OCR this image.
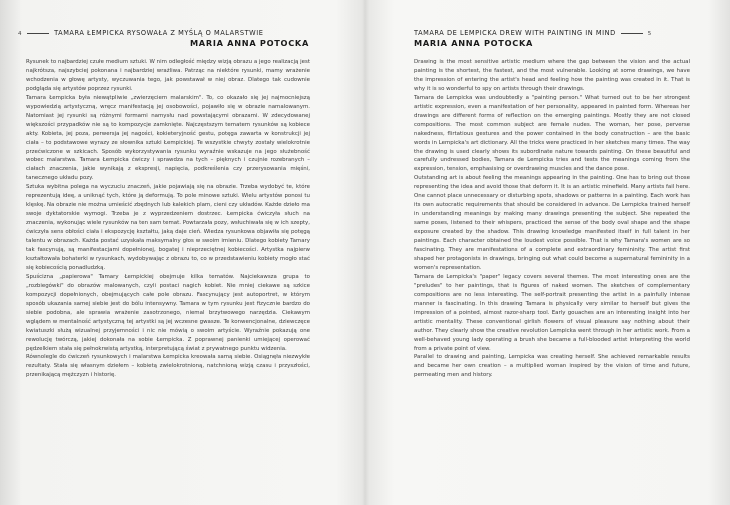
4	TAMARA ŁEMPICKA RYSOWAŁA Z MYŚLĄ O MALARSTWIE
MARIA ANNA POTOCKA

Rysunek to najbardziej czułe medium sztuki. W nim odległość między wizją obrazu a jego realizacją jest najkrótsza, najszybciej pokonana i najbardziej wrażliwa. Patrząc na niektóre rysunki, mamy wrażenie wchodzenia w głowę artysty, wyczuwania tego, jak powstawał w niej obraz. Dlatego tak cudownie podgląda się artystów poprzez rysunki.

Tamara Łempicka była niewątpliwie „zwierzęciem malarskim". To, co okazało się jej najmocniejszą wypowiedzią artystyczną, wręcz manifestacją jej osobowości, pojawiło się w obrazie namalowanym. Natomiast jej rysunki są różnymi formami namysłu nad powstającymi obrazami. W zdecydowanej większości przypadków nie są to kompozycje zamknięte. Najczęstszym tematem rysunków są kobiece akty. Kobieta, jej poza, perwersja jej nagości, kokieteryjność gestu, potęga zawarta w konstrukcji jej ciała – to podstawowe wyrazy ze słownika sztuki Łempickiej. Te wszystkie chwyty zostały wielokrotnie przećwiczone w szkicach. Sposób wykorzystywania rysunku wyraźnie wskazuje na jego służebność wobec malarstwa. Tamara Łempicka ćwiczy i sprawdza na tych – pięknych i czujnie rozebranych – ciałach znaczenia, jakie wynikają z ekspresji, napięcia, podkreślenia czy przerysowania mięśni, tanecznego układu pozy.

Sztuka wybitna polega na wyczuciu znaczeń, jakie pojawiają się na obrazie. Trzeba wydobyć te, które reprezentują ideę, a uniknąć tych, które ją deformują. To pole minowe sztuki. Wielu artystów ponosi tu klęskę. Na obrazie nie można umieścić zbędnych lub kalekich plam, cieni czy układów. Każde dzieło ma swoje dyktatorskie wymogi. Trzeba je z wyprzedzeniem dostrzec. Łempicka ćwiczyła słuch na znaczenia, wykonując wiele rysunków na ten sam temat. Powtarzała pozy, wsłuchiwała się w ich szepty, ćwiczyła sens obłości ciała i ekspozycję kształtu, jaką daje cień. Wiedza rysunkowa objawiła się potęgą talentu w obrazach. Każda postać uzyskała maksymalny głos w swoim imieniu. Dlatego kobiety Tamary tak fascynują, są manifestacjami dopełnionej, bogatej i nieprzeciętnej kobiecości. Artystka najpierw kształtowała bohaterki w rysunkach, wydobywając z obrazu to, co w przedstawieniu kobiety mogło stać się kobiecością ponadludzką.

Spuścizna „papierowa" Tamary Łempickiej obejmuje kilka tematów. Najciekawsza grupa to „rozbiegówki" do obrazów malowanych, czyli postaci nagich kobiet. Nie mniej ciekawe są szkice kompozycji dopełnionych, obejmujących całe pole obrazu. Fascynujący jest autoportret, w którym sposób ukazania samej siebie jest do bólu intensywny. Tamara w tym rysunku jest fizycznie bardzo do siebie podobna, ale sprawia wrażenie zasotrzonego, niemal brzytwowego narzędzia. Ciekawym wglądem w mentalność artystyczną tej artystki są jej wczesne gwasze. Te konwencjonalne, dziewczęce kwiatuszki służą wizualnej przyjemności i nic nie mówią o swoim artyście. Wyraźnie pokazują one rewolucję twórczą, jakiej dokonała na sobie Łempicka. Z poprawnej panienki umiejącej operować pędzelkiem stała się pełnokrwistą artystką, interpretującą świat z prywatnego punktu widzenia.

Równolegle do ćwiczeń rysunkowych i malarstwa Łempicka kreowała samą siebie. Osiągnęła niezwykłe rezultaty. Stała się własnym dziełem – kobietą zwielokrotnioną, natchnioną wizją czasu i przyszłości, przenikającą mężczyzn i historię.

TAMARA DE LEMPICKA DREW WITH PAINTING IN MIND	5
MARIA ANNA POTOCKA

Drawing is the most sensitive artistic medium where the gap between the vision and the actual painting is the shortest, the fastest, and the most vulnerable. Looking at some drawings, we have the impression of entering the artist's head and feeling how the painting was created in it. That is why it is so wonderful to spy on artists through their drawings.

Tamara de Lempicka was undoubtedly a "painting person." What turned out to be her strongest artistic expression, even a manifestation of her personality, appeared in painted form. Whereas her drawings are different forms of reflection on the emerging paintings. Mostly they are not closed compositions. The most common subject are female nudes. The woman, her pose, perverse nakedness, flirtatious gestures and the power contained in the body construction – are the basic words in Lempicka's art dictionary. All the tricks were practiced in her sketches many times. The way the drawing is used clearly shows its subordinate nature towards painting. On these beautiful and carefully undressed bodies, Tamara de Lempicka tries and tests the meanings coming from the expression, tension, emphasising or overdrawing muscles and the dance pose.

Outstanding art is about feeling the meanings appearing in the painting. One has to bring out those representing the idea and avoid those that deform it. It is an artistic minefield. Many artists fail here. One cannot place unnecessary or disturbing spots, shadows or patterns in a painting. Each work has its own autocratic requirements that should be considered in advance. De Lempicka trained herself in understanding meanings by making many drawings presenting the subject. She repeated the same poses, listened to their whispers, practiced the sense of the body oval shape and the shape exposure created by the shadow. This drawing knowledge manifested itself in full talent in her paintings. Each character obtained the loudest voice possible. That is why Tamara's women are so fascinating. They are manifestations of a complete and extraordinary femininity. The artist first shaped her protagonists in drawings, bringing out what could become a supernatural femininity in a women's representation.

Tamara de Lempicka's "paper" legacy covers several themes. The most interesting ones are the "preludes" to her paintings, that is figures of naked women. The sketches of complementary compositions are no less interesting. The self-portrait presenting the artist in a painfully intense manner is fascinating. In this drawing Tamara is physically very similar to herself but gives the impression of a pointed, almost razor-sharp tool. Early gouaches are an interesting insight into her artistic mentality. These conventional girlish flowers of visual pleasure say nothing about their author. They clearly show the creative revolution Lempicka went through in her artistic work. From a well-behaved young lady operating a brush she became a full-blooded artist interpreting the world from a private point of view.

Parallel to drawing and painting, Lempicka was creating herself. She achieved remarkable results and became her own creation – a multiplied woman inspired by the vision of time and future, permeating men and history.
